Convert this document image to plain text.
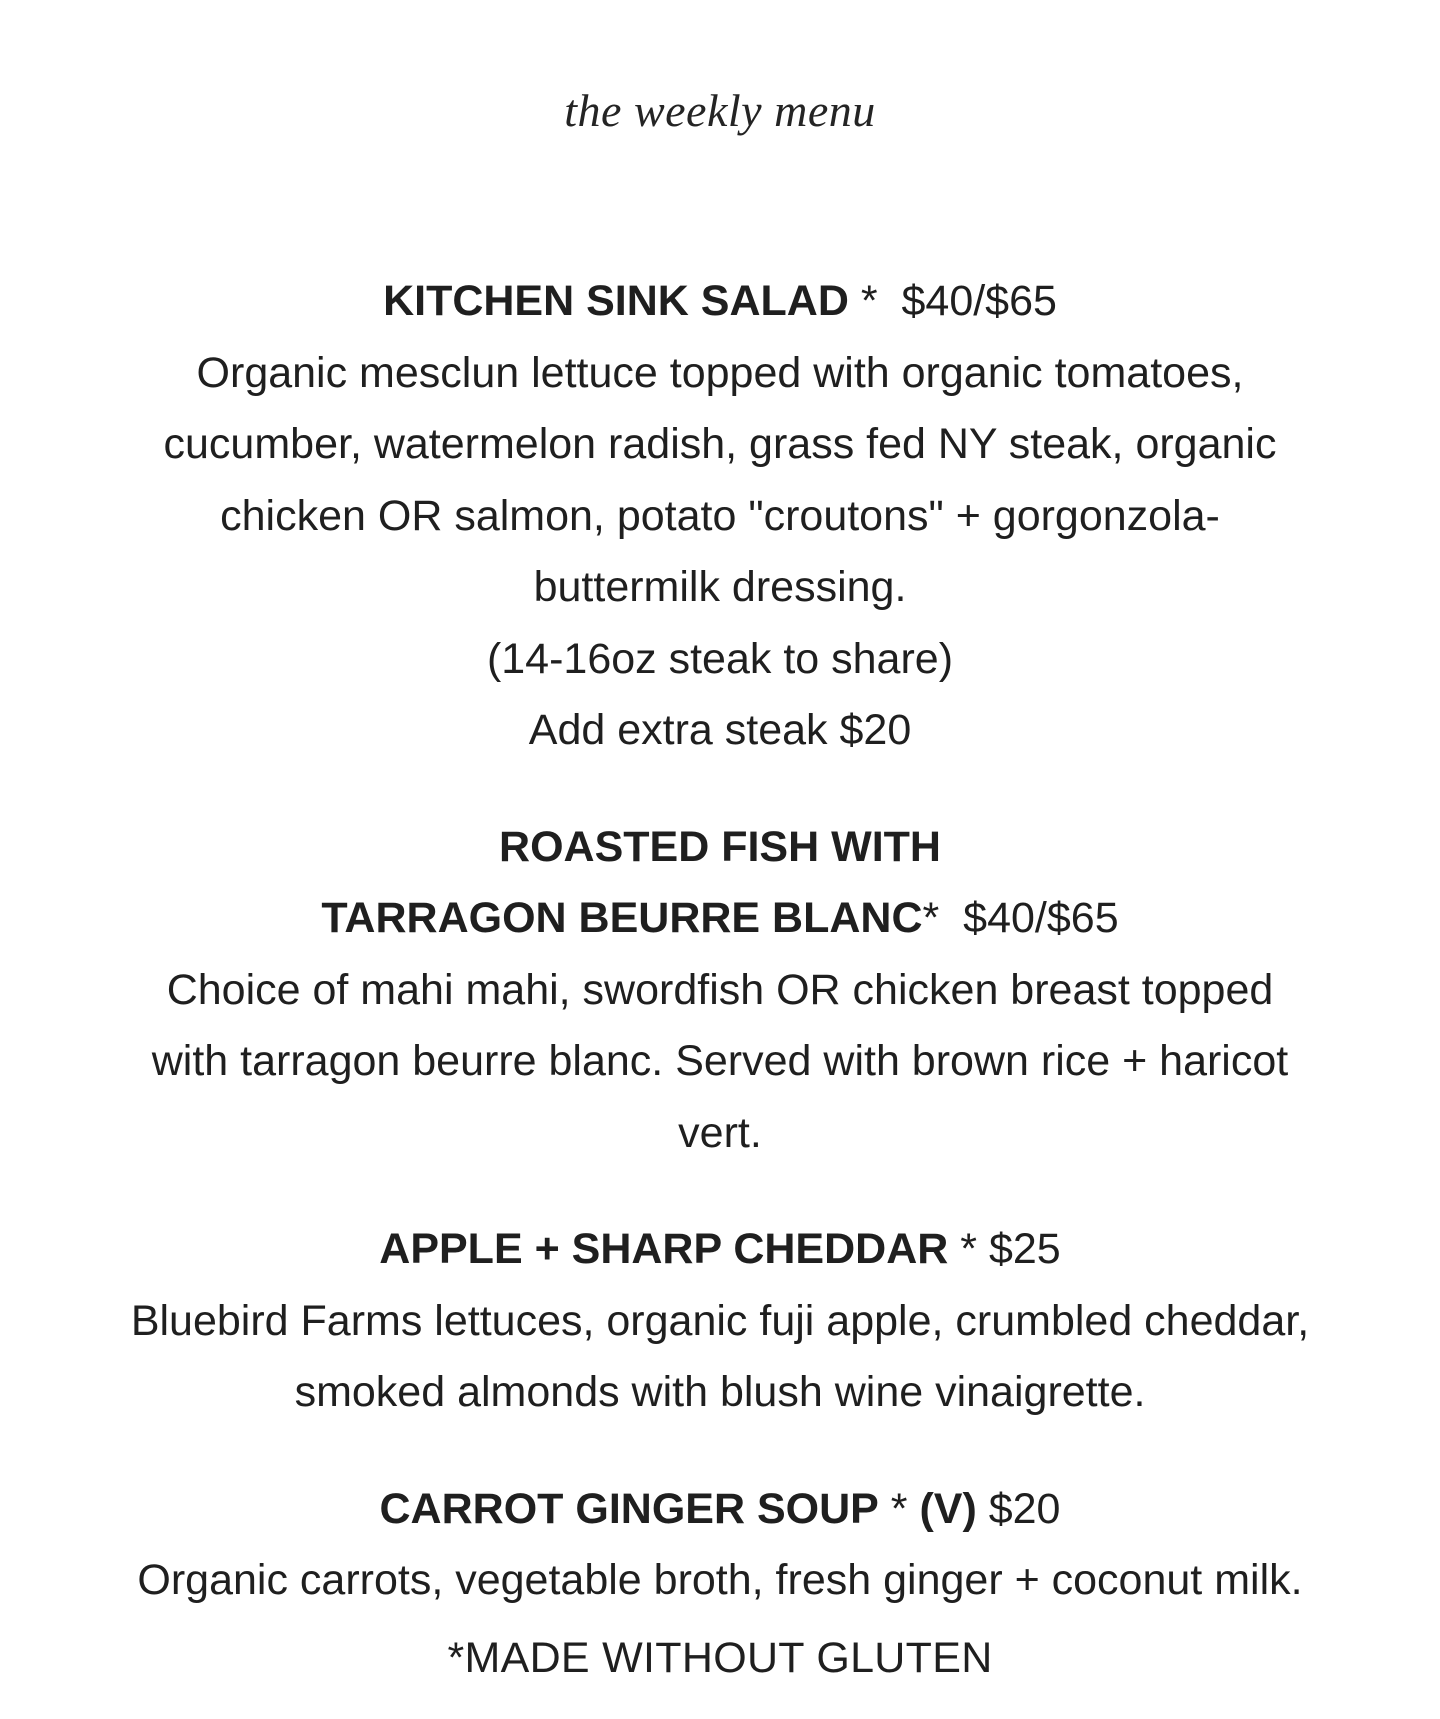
the weekly menu
KITCHEN SINK SALAD *  $40/$65
Organic mesclun lettuce topped with organic tomatoes,
cucumber, watermelon radish, grass fed NY steak, organic
chicken OR salmon, potato "croutons" + gorgonzola-
buttermilk dressing.
(14-16oz steak to share)
Add extra steak $20
ROASTED FISH WITH
TARRAGON BEURRE BLANC*  $40/$65
Choice of mahi mahi, swordfish OR chicken breast topped
with tarragon beurre blanc. Served with brown rice + haricot
vert.
APPLE + SHARP CHEDDAR * $25
Bluebird Farms lettuces, organic fuji apple, crumbled cheddar,
smoked almonds with blush wine vinaigrette.
CARROT GINGER SOUP * (V) $20
Organic carrots, vegetable broth, fresh ginger + coconut milk.
*MADE WITHOUT GLUTEN
